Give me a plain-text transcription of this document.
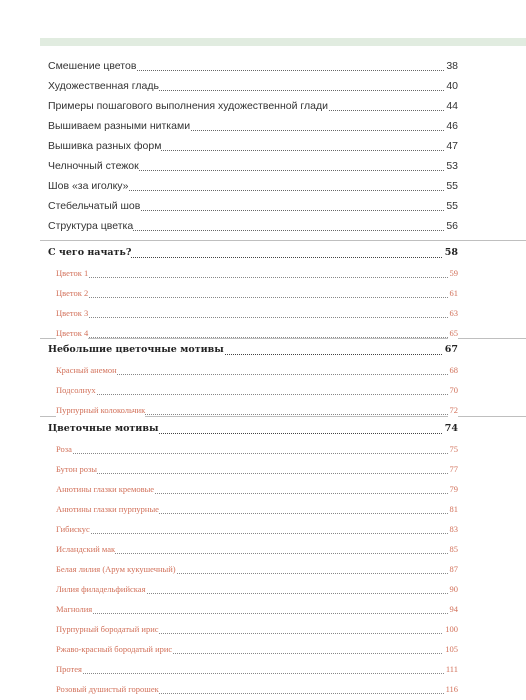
Смешение цветов	38
Художественная гладь	40
Примеры пошагового выполнения художественной глади	44
Вышиваем разными нитками	46
Вышивка разных форм	47
Челночный стежок	53
Шов «за иголку»	55
Стебельчатый шов	55
Структура цветка	56
С чего начать?	58
Цветок 1	59
Цветок 2	61
Цветок 3	63
Цветок 4	65
Небольшие цветочные мотивы	67
Красный анемон	68
Подсолнух	70
Пурпурный колокольчик	72
Цветочные мотивы	74
Роза	75
Бутон розы	77
Анютины глазки кремовые	79
Анютины глазки пурпурные	81
Гибискус	83
Исландский мак	85
Белая лилия (Арум кукушечный)	87
Лилия филадельфийская	90
Магнолия	94
Пурпурный бородатый ирис	100
Ржаво-красный бородатый ирис	105
Протея	111
Розовый душистый горошек	116
